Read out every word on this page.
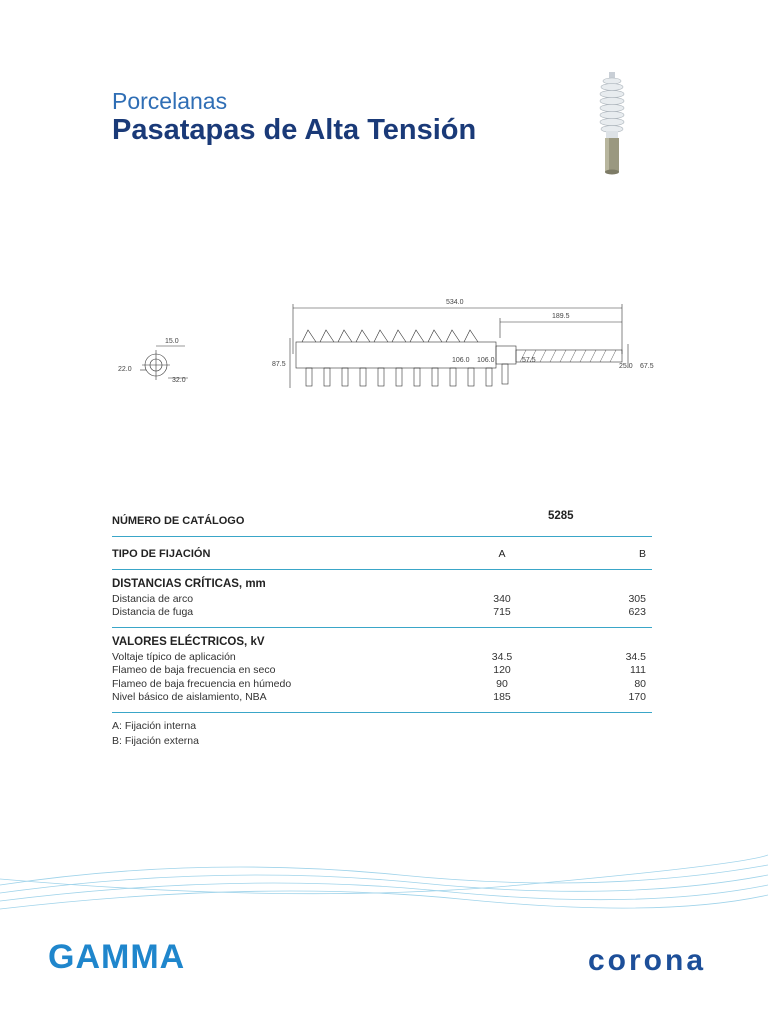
Porcelanas
Pasatapas de Alta Tensión
534.0
189.5
87.5	67.5
106.0 106.0	57.5
25.0
15.0
22.0
32.0
NÚMERO DE CATÁLOGO	5285
TIPO DE FIJACIÓN	A	B
DISTANCIAS CRÍTICAS, mm
Distancia de arco	340	305
Distancia de fuga	715	623
VALORES ELÉCTRICOS, kV
Voltaje típico de aplicación	34.5	34.5
Flameo de baja frecuencia en seco	120	111
Flameo de baja frecuencia en húmedo	90	80
Nivel básico de aislamiento, NBA	185	170
A: Fijación interna
B: Fijación externa
GAMMA	corona
